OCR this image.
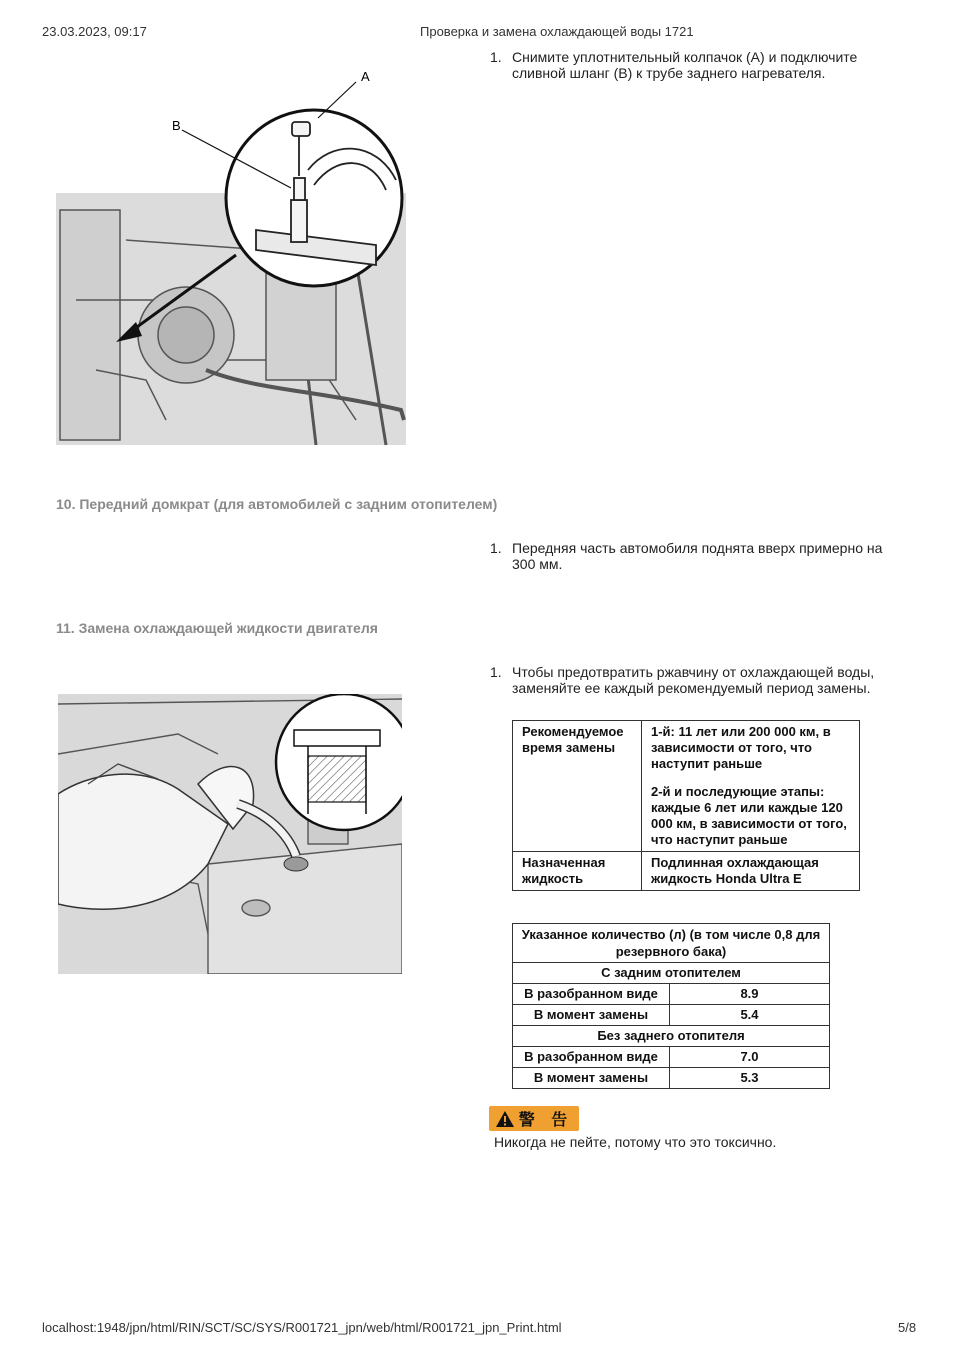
23.03.2023, 09:17	Проверка и замена охлаждающей воды 1721
1. Снимите уплотнительный колпачок (A) и подключите сливной шланг (B) к трубе заднего нагревателя.
A
B
10. Передний домкрат (для автомобилей с задним отопителем)
1. Передняя часть автомобиля поднята вверх примерно на 300 мм.
11. Замена охлаждающей жидкости двигателя
1. Чтобы предотвратить ржавчину от охлаждающей воды, заменяйте ее каждый рекомендуемый период замены.
Рекомендуемое время замены	1-й: 11 лет или 200 000 км, в зависимости от того, что наступит раньше
2-й и последующие этапы: каждые 6 лет или каждые 120 000 км, в зависимости от того, что наступит раньше

Назначенная жидкость	Подлинная охлаждающая жидкость Honda Ultra E
Указанное количество (л) (в том числе 0,8 для резервного бака)	
С задним отопителем	
В разобранном виде	8.9
В момент замены	5.4
Без заднего отопителя	
В разобранном виде	7.0
В момент замены	5.3
警 告
Никогда не пейте, потому что это токсично.
localhost:1948/jpn/html/RIN/SCT/SC/SYS/R001721_jpn/web/html/R001721_jpn_Print.html	5/8
